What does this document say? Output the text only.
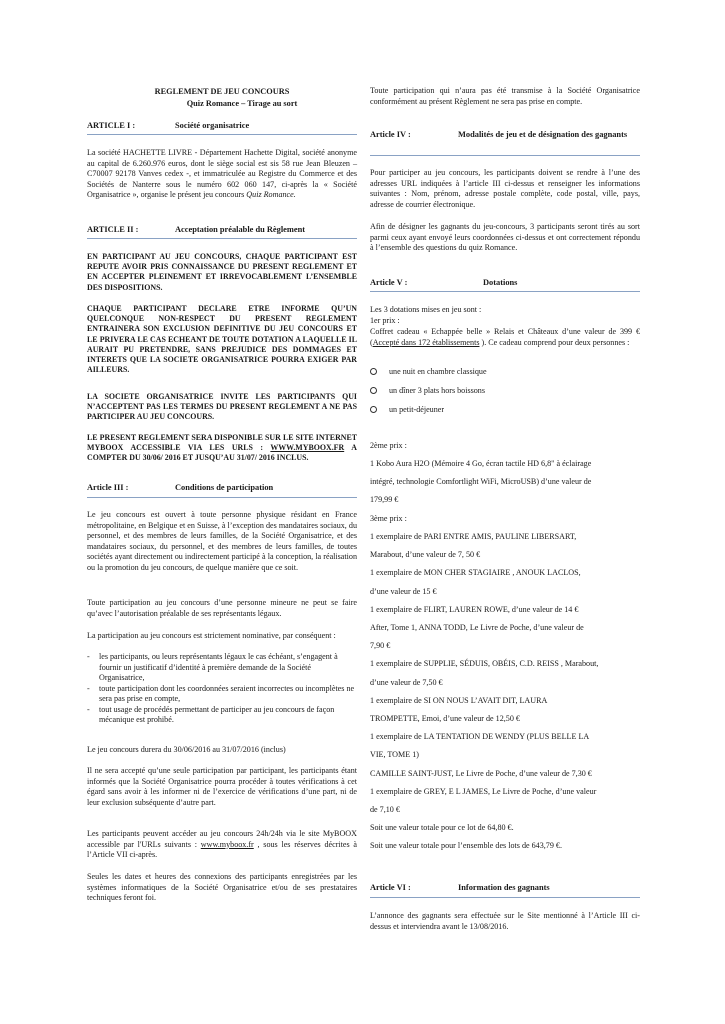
REGLEMENT DE JEU CONCOURS
Quiz Romance – Tirage au sort
ARTICLE I :	Société organisatrice

La société HACHETTE LIVRE - Département Hachette Digital, société anonyme au capital de 6.260.976 euros, dont le siège social est sis 58 rue Jean Bleuzen – C70007 92178 Vanves cedex -, et immatriculée au Registre du Commerce et des Sociétés de Nanterre sous le numéro 602 060 147, ci-après la « Société Organisatrice », organise le présent jeu concours Quiz Romance.

ARTICLE II :	Acceptation préalable du Règlement

EN PARTICIPANT AU JEU CONCOURS, CHAQUE PARTICIPANT EST REPUTE AVOIR PRIS CONNAISSANCE DU PRESENT REGLEMENT ET EN ACCEPTER PLEINEMENT ET IRREVOCABLEMENT L’ENSEMBLE DES DISPOSITIONS.

CHAQUE PARTICIPANT DECLARE ETRE INFORME QU’UN QUELCONQUE NON-RESPECT DU PRESENT REGLEMENT ENTRAINERA SON EXCLUSION DEFINITIVE DU JEU CONCOURS ET LE PRIVERA LE CAS ECHEANT DE TOUTE DOTATION A LAQUELLE IL AURAIT PU PRETENDRE, SANS PREJUDICE DES DOMMAGES ET INTERETS QUE LA SOCIETE ORGANISATRICE POURRA EXIGER PAR AILLEURS.

LA SOCIETE ORGANISATRICE INVITE LES PARTICIPANTS QUI N’ACCEPTENT PAS LES TERMES DU PRESENT REGLEMENT A NE PAS PARTICIPER AU JEU CONCOURS.

LE PRESENT REGLEMENT SERA DISPONIBLE SUR LE SITE INTERNET MYBOOX ACCESSIBLE VIA LES URLS : WWW.MYBOOX.FR A COMPTER DU 30/06/ 2016 ET JUSQU’AU 31/07/ 2016 INCLUS.

Article III :	Conditions de participation

Le jeu concours est ouvert à toute personne physique résidant en France métropolitaine, en Belgique et en Suisse, à l’exception des mandataires sociaux, du personnel, et des membres de leurs familles, de la Société Organisatrice, et des mandataires sociaux, du personnel, et des membres de leurs familles, de toutes sociétés ayant directement ou indirectement participé à la conception, la réalisation ou la promotion du jeu concours, de quelque manière que ce soit.

Toute participation au jeu concours d’une personne mineure ne peut se faire qu’avec l’autorisation préalable de ses représentants légaux.

La participation au jeu concours est strictement nominative, par conséquent :

- les participants, ou leurs représentants légaux le cas échéant, s’engagent à fournir un justificatif d’identité à première demande de la Société Organisatrice,
- toute participation dont les coordonnées seraient incorrectes ou incomplètes ne sera pas prise en compte,
- tout usage de procédés permettant de participer au jeu concours de façon mécanique est prohibé.

Le jeu concours durera du 30/06/2016 au 31/07/2016 (inclus)

Il ne sera accepté qu’une seule participation par participant, les participants étant informés que la Société Organisatrice pourra procéder à toutes vérifications à cet égard sans avoir à les informer ni de l’exercice de vérifications d’une part, ni de leur exclusion subséquente d’autre part.

Les participants peuvent accéder au jeu concours 24h/24h via le site MyBOOX accessible par l'URLs suivants : www.myboox.fr , sous les réserves décrites à l’Article VII ci-après.

Seules les dates et heures des connexions des participants enregistrées par les systèmes informatiques de la Société Organisatrice et/ou de ses prestataires techniques feront foi.

Toute participation qui n’aura pas été transmise à la Société Organisatrice conformément au présent Règlement ne sera pas prise en compte.

Article IV :	Modalités de jeu et de désignation des gagnants

Pour participer au jeu concours, les participants doivent se rendre à l’une des adresses URL indiquées à l’article III ci-dessus et renseigner les informations suivantes : Nom, prénom, adresse postale complète, code postal, ville, pays, adresse de courrier électronique.

Afin de désigner les gagnants du jeu-concours, 3 participants seront tirés au sort parmi ceux ayant envoyé leurs coordonnées ci-dessus et ont correctement répondu à l’ensemble des questions du quiz Romance.

Article V :	Dotations

Les 3 dotations mises en jeu sont :

1er prix :

Coffret cadeau « Echappée belle » Relais et Châteaux d’une valeur de 399 € (Accepté dans 172 établissements ). Ce cadeau comprend pour deux personnes :

une nuit en chambre classique
un dîner 3 plats hors boissons
un petit-déjeuner

2ème prix :

1 Kobo Aura H2O (Mémoire 4 Go, écran tactile HD 6,8" à éclairage

intégré, technologie Comfortlight WiFi, MicroUSB) d’une valeur de

179,99 €

3ème prix :

1 exemplaire de PARI ENTRE AMIS, PAULINE LIBERSART,

Marabout, d’une valeur de 7, 50 €

1 exemplaire de MON CHER STAGIAIRE , ANOUK LACLOS,

d’une valeur de 15 €

1 exemplaire de FLIRT, LAUREN ROWE, d’une valeur de 14 €

After, Tome 1, ANNA TODD, Le Livre de Poche, d’une valeur de

7,90 €

1 exemplaire de SUPPLIE, SÉDUIS, OBÉIS, C.D. REISS , Marabout,

d’une valeur de 7,50 €

1 exemplaire de SI ON NOUS L’AVAIT DIT, LAURA

TROMPETTE, Emoi, d’une valeur de 12,50 €

1 exemplaire de LA TENTATION DE WENDY (PLUS BELLE LA

VIE, TOME 1)

CAMILLE SAINT-JUST, Le Livre de Poche, d’une valeur de 7,30 €

1 exemplaire de GREY, E L JAMES, Le Livre de Poche, d’une valeur

de 7,10 €

Soit une valeur totale pour ce lot de 64,80 €.

Soit une valeur totale pour l’ensemble des lots de 643,79 €.

Article VI :	Information des gagnants

L’annonce des gagnants sera effectuée sur le Site mentionné à l’Article III ci-dessus et interviendra avant le 13/08/2016.
